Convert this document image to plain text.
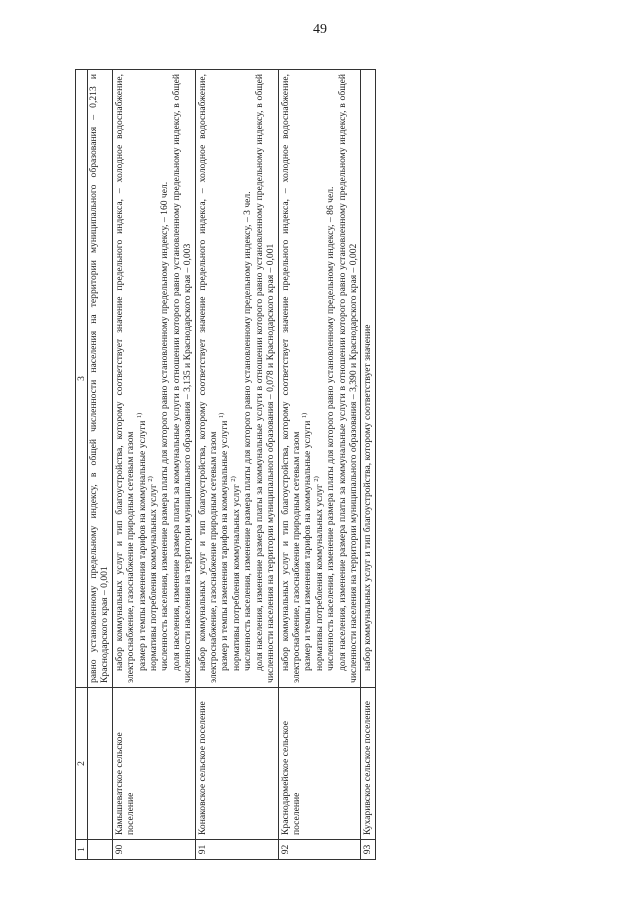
49
1	2	3

		равно установленному предельному индексу, в общей численности населения на территории муниципального образования – 0,213 и Краснодарского края – 0,001

90	Камышеватское сельское поселение	набор коммунальных услуг и тип благоустройства, которому соответствует значение предельного индекса, – холодное водоснабжение, электроснабжение, газоснабжение природным сетевым газом размер и темпы изменения тарифов на коммунальные услуги $^{1)}$

нормативы потребления коммунальных услуг $^{2)}$ численность населения, изменение размера платы для которого равно установленному предельному индексу, – 160 чел. доля населения, изменение размера платы за коммунальные услуги в отношении которого равно установленному предельному индексу, в общей численности населения на территории муниципального образования – 3,135 и Краснодарского края – 0,003

91	Конаковское сельское поселение	набор коммунальных услуг и тип благоустройства, которому соответствует значение предельного индекса, – холодное водоснабжение, электроснабжение, газоснабжение природным сетевым газом размер и темпы изменения тарифов на коммунальные услуги $^{1)}$

нормативы потребления коммунальных услуг $^{2)}$ численность населения, изменение размера платы для которого равно установленному предельному индексу, – 3 чел. доля населения, изменение размера платы за коммунальные услуги в отношении которого равно установленному предельному индексу, в общей численности населения на территории муниципального образования – 0,078 и Краснодарского края – 0,001

92	Краснодармейское сельское поселение	набор коммунальных услуг и тип благоустройства, которому соответствует значение предельного индекса, – холодное водоснабжение, электроснабжение, газоснабжение природным сетевым газом размер и темпы изменения тарифов на коммунальные услуги $^{1)}$

нормативы потребления коммунальных услуг $^{2)}$ численность населения, изменение размера платы для которого равно установленному предельному индексу, – 86 чел. доля населения, изменение размера платы за коммунальные услуги в отношении которого равно установленному предельному индексу, в общей численности населения на территории муниципального образования – 3,390 и Краснодарского края – 0,002

93	Кухаривское сельское поселение	набор коммунальных услуг и тип благоустройства, которому соответствует значение
